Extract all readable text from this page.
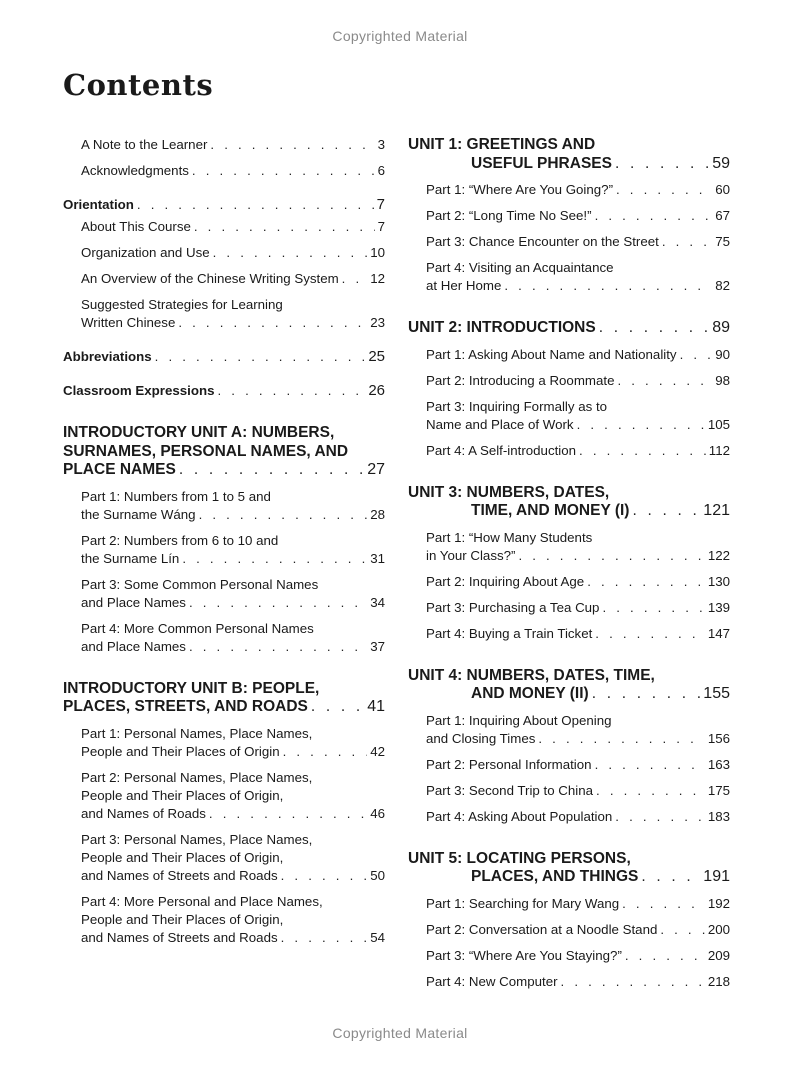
Copyrighted Material
Contents
A Note to the Learner . . .	3
Acknowledgments . . .	6
Orientation . . .	7
About This Course . . .	7
Organization and Use . . .	10
An Overview of the Chinese Writing System . . . 12
Suggested Strategies for Learning
Written Chinese . . .	23
Abbreviations . . .	25
Classroom Expressions . . .	26
INTRODUCTORY UNIT A: NUMBERS,
SURNAMES, PERSONAL NAMES, AND
PLACE NAMES . . .	27
Part 1: Numbers from 1 to 5 and
the Surname Wáng . . .	28
Part 2: Numbers from 6 to 10 and
the Surname Lín . . .	31
Part 3: Some Common Personal Names
and Place Names . . .	34
Part 4: More Common Personal Names
and Place Names . . .	37
INTRODUCTORY UNIT B: PEOPLE,
PLACES, STREETS, AND ROADS . . .	41
Part 1: Personal Names, Place Names,
People and Their Places of Origin . . .	42
Part 2: Personal Names, Place Names,
People and Their Places of Origin,
and Names of Roads . . .	46
Part 3: Personal Names, Place Names,
People and Their Places of Origin,
and Names of Streets and Roads . . .	50
Part 4: More Personal and Place Names,
People and Their Places of Origin,
and Names of Streets and Roads . . .	54
UNIT 1: GREETINGS AND
USEFUL PHRASES . . .	59
Part 1: “Where Are You Going?” . . .	60
Part 2: “Long Time No See!” . . .	67
Part 3: Chance Encounter on the Street . . .	75
Part 4: Visiting an Acquaintance
at Her Home . . .	82
UNIT 2: INTRODUCTIONS . . .	89
Part 1: Asking About Name and Nationality . . .	90
Part 2: Introducing a Roommate . . .	98
Part 3: Inquiring Formally as to
Name and Place of Work . . .	105
Part 4: A Self-introduction . . .	112
UNIT 3: NUMBERS, DATES,
TIME, AND MONEY (I) . . .	121
Part 1: “How Many Students
in Your Class?” . . .	122
Part 2: Inquiring About Age . . .	130
Part 3: Purchasing a Tea Cup . . .	139
Part 4: Buying a Train Ticket . . .	147
UNIT 4: NUMBERS, DATES, TIME,
AND MONEY (II) . . .	155
Part 1: Inquiring About Opening
and Closing Times . . .	156
Part 2: Personal Information . . .	163
Part 3: Second Trip to China . . .	175
Part 4: Asking About Population . . .	183
UNIT 5: LOCATING PERSONS,
PLACES, AND THINGS . . .	191
Part 1: Searching for Mary Wang . . .	192
Part 2: Conversation at a Noodle Stand . . .	200
Part 3: “Where Are You Staying?” . . .	209
Part 4: New Computer . . .	218
Copyrighted Material
